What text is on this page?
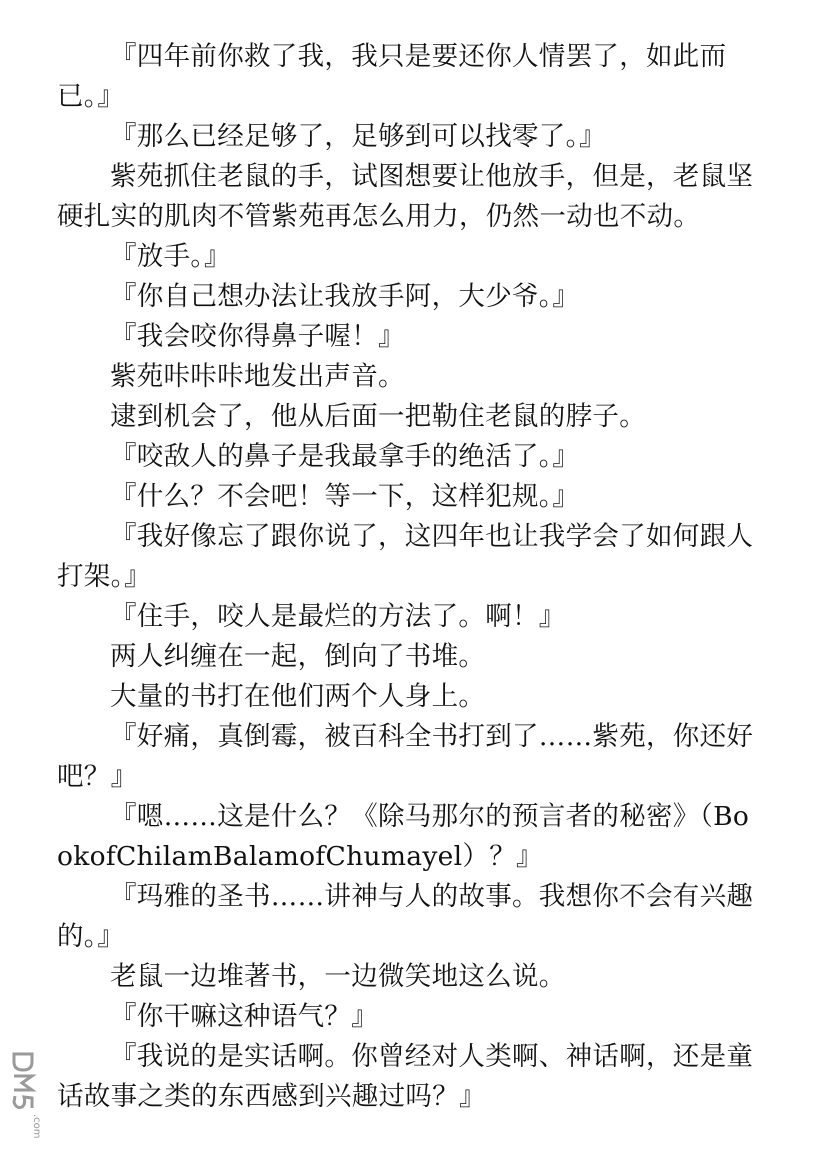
『四年前你救了我，我只是要还你人情罢了，如此而已。』

『那么已经足够了，足够到可以找零了。』

紫苑抓住老鼠的手，试图想要让他放手，但是，老鼠坚硬扎实的肌肉不管紫苑再怎么用力，仍然一动也不动。

『放手。』

『你自己想办法让我放手阿，大少爷。』

『我会咬你得鼻子喔！』

紫苑咔咔咔地发出声音。

逮到机会了，他从后面一把勒住老鼠的脖子。

『咬敌人的鼻子是我最拿手的绝活了。』

『什么？不会吧！等一下，这样犯规。』

『我好像忘了跟你说了，这四年也让我学会了如何跟人打架。』

『住手，咬人是最烂的方法了。啊！』

两人纠缠在一起，倒向了书堆。

大量的书打在他们两个人身上。

『好痛，真倒霉，被百科全书打到了……紫苑，你还好吧？』

『嗯……这是什么？《除马那尔的预言者的秘密》（BookofChilamBalamofChumayel）？』

『玛雅的圣书……讲神与人的故事。我想你不会有兴趣的。』

老鼠一边堆著书，一边微笑地这么说。

『你干嘛这种语气？』

『我说的是实话啊。你曾经对人类啊、神话啊，还是童话故事之类的东西感到兴趣过吗？』

.com
